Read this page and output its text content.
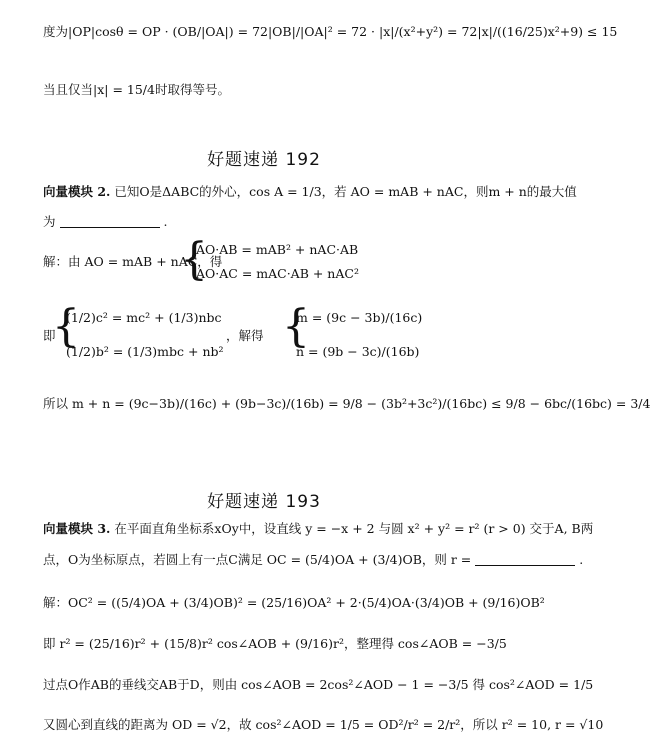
度为|OP|cosθ = OP · (OB/|OA|) = 72|OB|/|OA|² = 72 · |x|/(x²+y²) = 72|x|/((16/25)x²+9) ≤ 15
当且仅当|x| = 15/4时取得等号。
好题速递 192
向量模块 2. 已知O是ΔABC的外心，cos A = 1/3，若 AO = mAB + nAC，则m + n的最大值
为	.
解：由 AO = mAB + nAC，得
{
AO·AB = mAB² + nAC·AB
AO·AC = mAC·AB + nAC²
即
{
(1/2)c² = mc² + (1/3)nbc
(1/2)b² = (1/3)mbc + nb²
，解得 {
m = (9c − 3b)/(16c)
n = (9b − 3c)/(16b)
所以 m + n = (9c−3b)/(16c) + (9b−3c)/(16b) = 9/8 − (3b²+3c²)/(16bc) ≤ 9/8 − 6bc/(16bc) = 3/4
好题速递 193
向量模块 3. 在平面直角坐标系xOy中，设直线 y = −x + 2 与圆 x² + y² = r² (r > 0) 交于A, B两
点，O为坐标原点，若圆上有一点C满足 OC = (5/4)OA + (3/4)OB，则 r =	.
解：OC² = ((5/4)OA + (3/4)OB)² = (25/16)OA² + 2·(5/4)OA·(3/4)OB + (9/16)OB²
即 r² = (25/16)r² + (15/8)r² cos∠AOB + (9/16)r²，整理得 cos∠AOB = −3/5
过点O作AB的垂线交AB于D，则由 cos∠AOB = 2cos²∠AOD − 1 = −3/5 得 cos²∠AOD = 1/5
又圆心到直线的距离为 OD = √2，故 cos²∠AOD = 1/5 = OD²/r² = 2/r²，所以 r² = 10, r = √10
